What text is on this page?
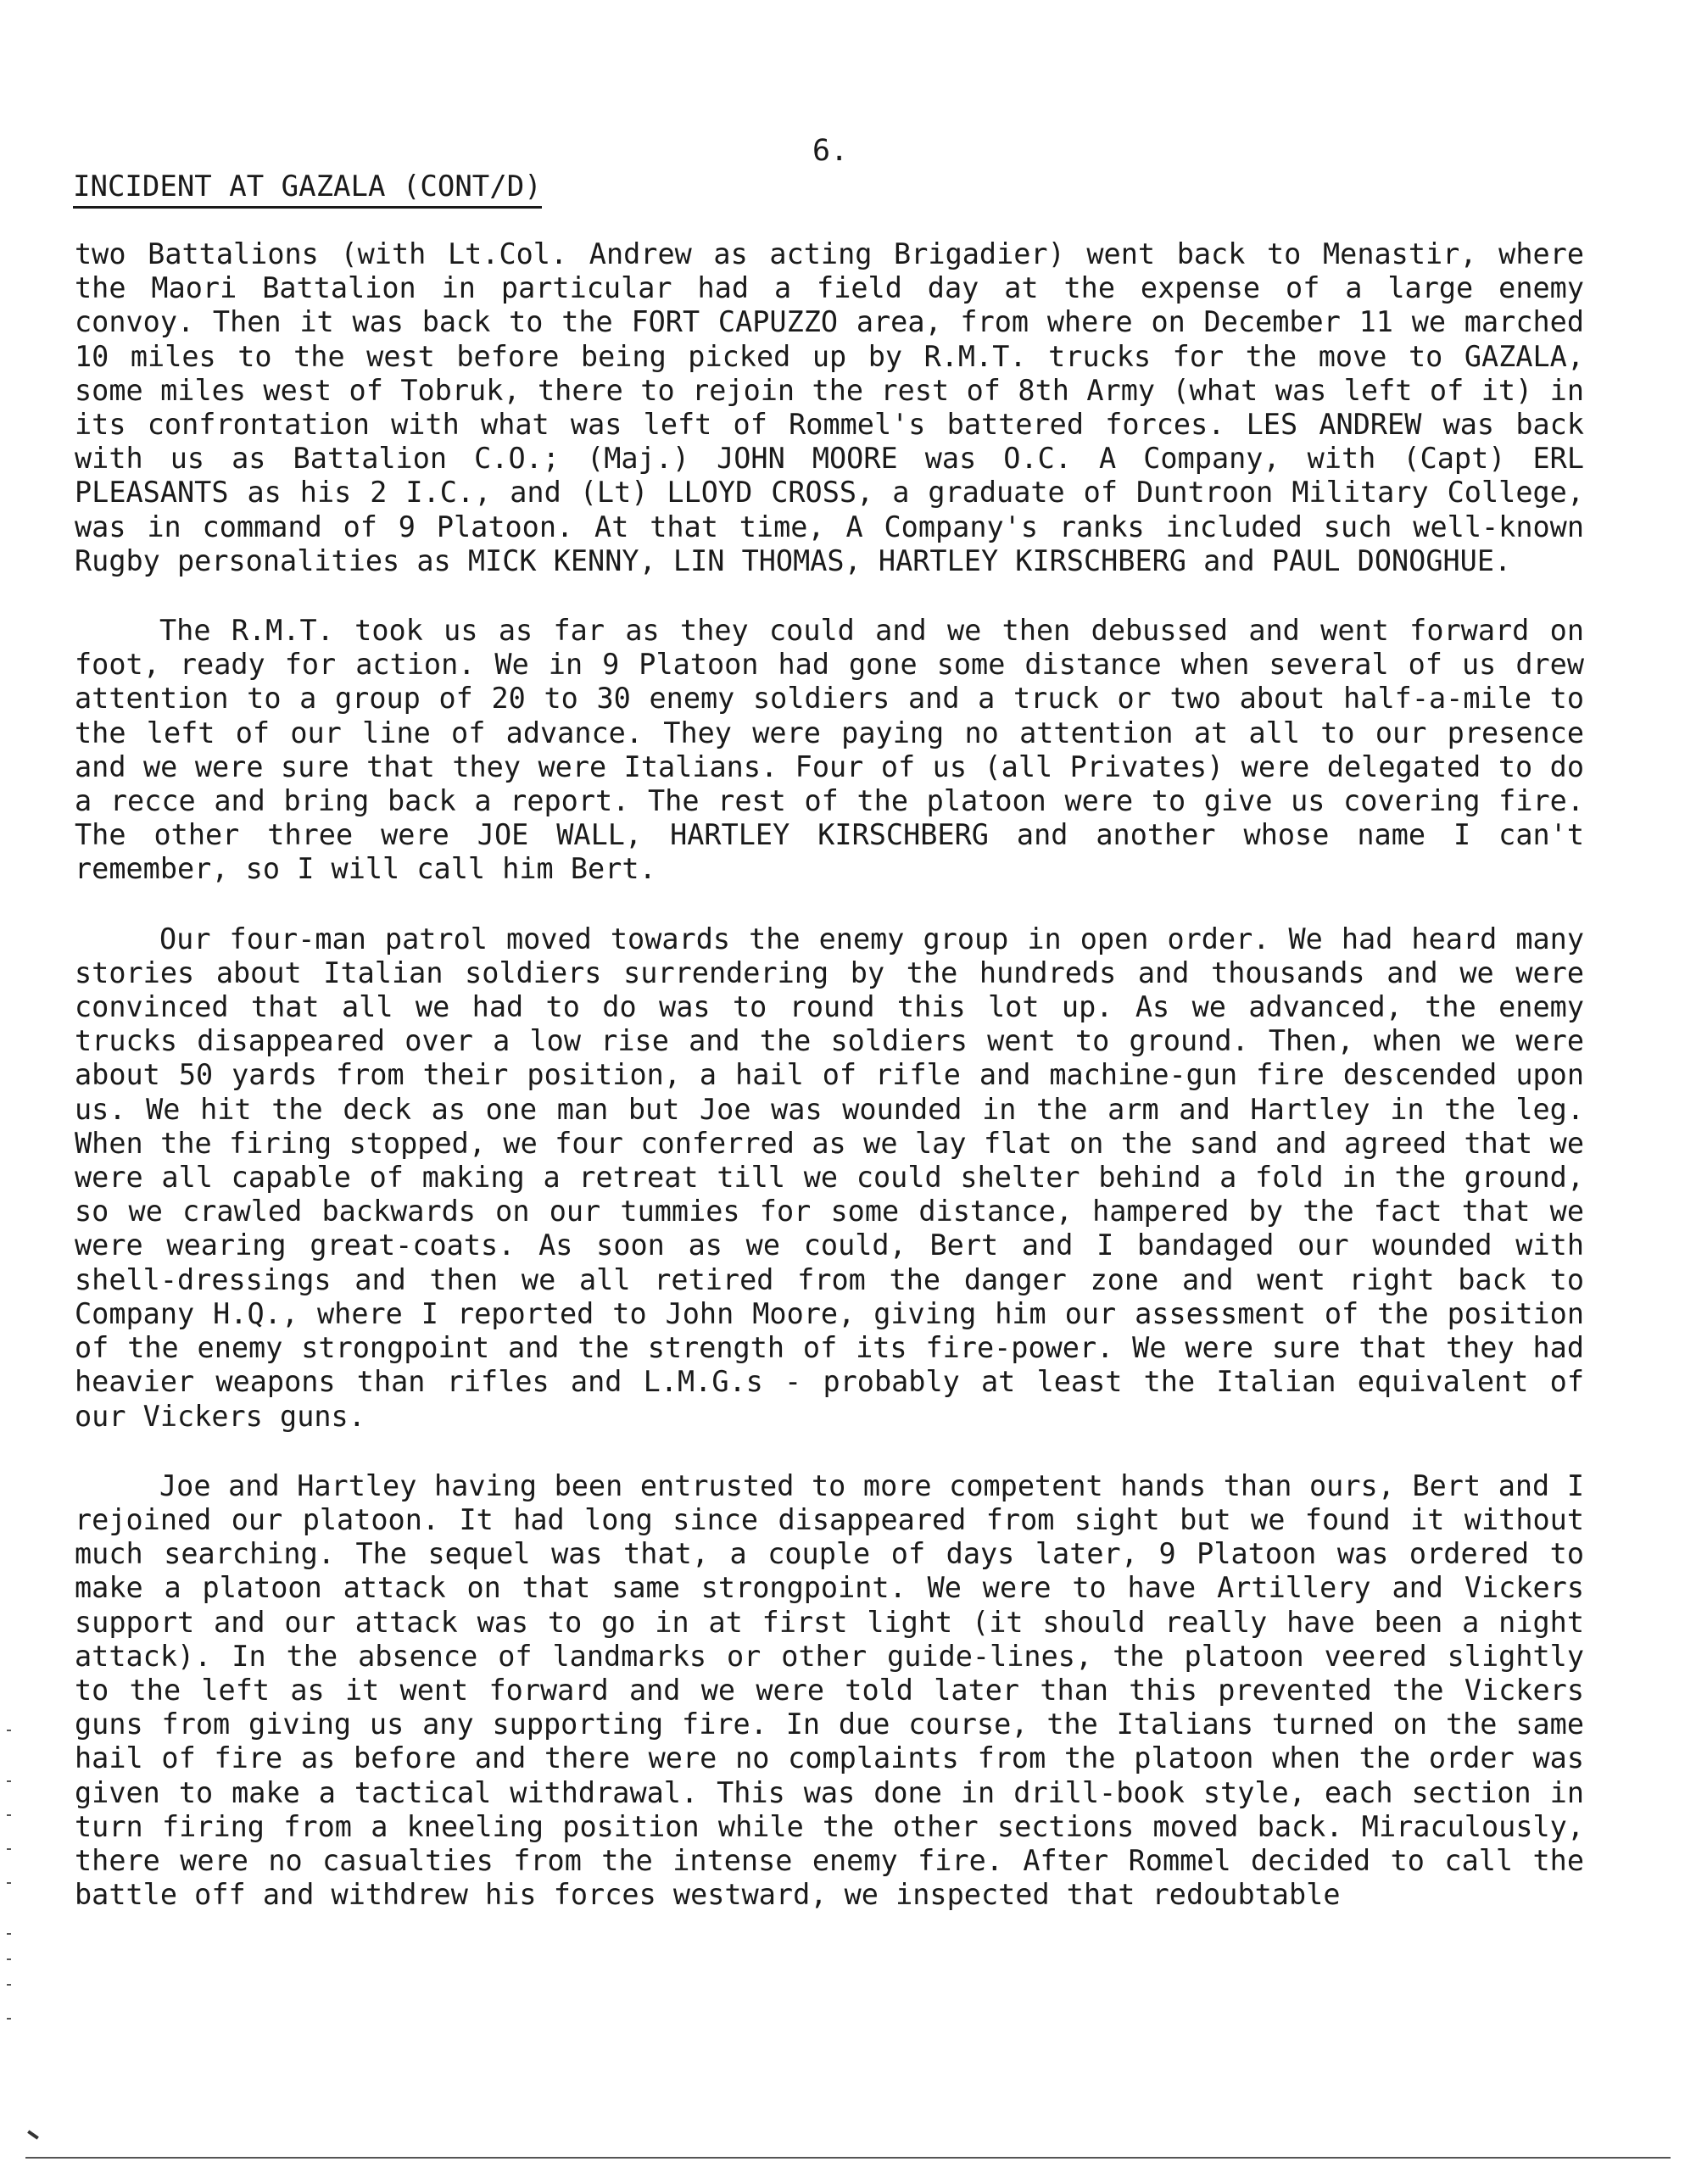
6.
INCIDENT AT GAZALA (CONT/D)

two Battalions (with Lt.Col. Andrew as acting Brigadier) went back to Menastir, where the Maori Battalion in particular had a field day at the expense of a large enemy convoy. Then it was back to the FORT CAPUZZO area, from where on December 11 we marched 10 miles to the west before being picked up by R.M.T. trucks for the move to GAZALA, some miles west of Tobruk, there to rejoin the rest of 8th Army (what was left of it) in its confrontation with what was left of Rommel's battered forces. LES ANDREW was back with us as Battalion C.O.; (Maj.) JOHN MOORE was O.C. A Company, with (Capt) ERL PLEASANTS as his 2 I.C., and (Lt) LLOYD CROSS, a graduate of Duntroon Military College, was in command of 9 Platoon. At that time, A Company's ranks included such well-known Rugby personalities as MICK KENNY, LIN THOMAS, HARTLEY KIRSCHBERG and PAUL DONOGHUE.

The R.M.T. took us as far as they could and we then debussed and went forward on foot, ready for action. We in 9 Platoon had gone some distance when several of us drew attention to a group of 20 to 30 enemy soldiers and a truck or two about half-a-mile to the left of our line of advance. They were paying no attention at all to our presence and we were sure that they were Italians. Four of us (all Privates) were delegated to do a recce and bring back a report. The rest of the platoon were to give us covering fire. The other three were JOE WALL, HARTLEY KIRSCHBERG and another whose name I can't remember, so I will call him Bert.

Our four-man patrol moved towards the enemy group in open order. We had heard many stories about Italian soldiers surrendering by the hundreds and thousands and we were convinced that all we had to do was to round this lot up. As we advanced, the enemy trucks disappeared over a low rise and the soldiers went to ground. Then, when we were about 50 yards from their position, a hail of rifle and machine-gun fire descended upon us. We hit the deck as one man but Joe was wounded in the arm and Hartley in the leg. When the firing stopped, we four conferred as we lay flat on the sand and agreed that we were all capable of making a retreat till we could shelter behind a fold in the ground, so we crawled backwards on our tummies for some distance, hampered by the fact that we were wearing great-coats. As soon as we could, Bert and I bandaged our wounded with shell-dressings and then we all retired from the danger zone and went right back to Company H.Q., where I reported to John Moore, giving him our assessment of the position of the enemy strongpoint and the strength of its fire-power. We were sure that they had heavier weapons than rifles and L.M.G.s - probably at least the Italian equivalent of our Vickers guns.

Joe and Hartley having been entrusted to more competent hands than ours, Bert and I rejoined our platoon. It had long since disappeared from sight but we found it without much searching. The sequel was that, a couple of days later, 9 Platoon was ordered to make a platoon attack on that same strongpoint. We were to have Artillery and Vickers support and our attack was to go in at first light (it should really have been a night attack). In the absence of landmarks or other guide-lines, the platoon veered slightly to the left as it went forward and we were told later than this prevented the Vickers guns from giving us any supporting fire. In due course, the Italians turned on the same hail of fire as before and there were no complaints from the platoon when the order was given to make a tactical withdrawal. This was done in drill-book style, each section in turn firing from a kneeling position while the other sections moved back. Miraculously, there were no casualties from the intense enemy fire. After Rommel decided to call the battle off and withdrew his forces westward, we inspected that redoubtable
